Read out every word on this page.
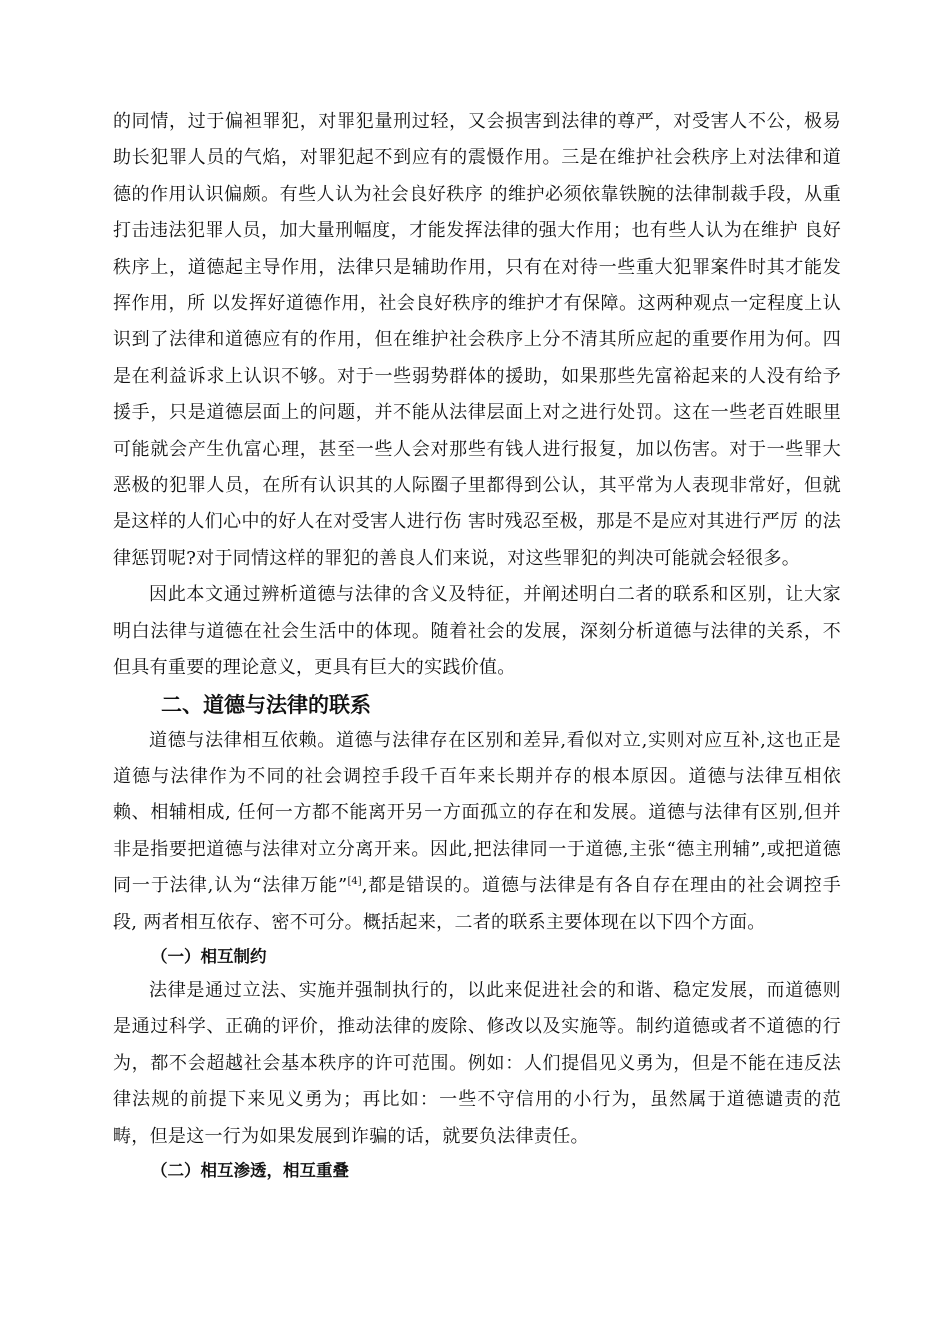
的同情，过于偏袒罪犯，对罪犯量刑过轻，又会损害到法律的尊严，对受害人不公，极易助长犯罪人员的气焰，对罪犯起不到应有的震慑作用。三是在维护社会秩序上对法律和道德的作用认识偏颇。有些人认为社会良好秩序 的维护必须依靠铁腕的法律制裁手段，从重打击违法犯罪人员，加大量刑幅度，才能发挥法律的强大作用；也有些人认为在维护 良好秩序上，道德起主导作用，法律只是辅助作用，只有在对待一些重大犯罪案件时其才能发挥作用，所 以发挥好道德作用，社会良好秩序的维护才有保障。这两种观点一定程度上认识到了法律和道德应有的作用，但在维护社会秩序上分不清其所应起的重要作用为何。四是在利益诉求上认识不够。对于一些弱势群体的援助，如果那些先富裕起来的人没有给予援手，只是道德层面上的问题，并不能从法律层面上对之进行处罚。这在一些老百姓眼里可能就会产生仇富心理，甚至一些人会对那些有钱人进行报复，加以伤害。对于一些罪大恶极的犯罪人员，在所有认识其的人际圈子里都得到公认，其平常为人表现非常好，但就是这样的人们心中的好人在对受害人进行伤 害时残忍至极，那是不是应对其进行严厉 的法律惩罚呢?对于同情这样的罪犯的善良人们来说，对这些罪犯的判决可能就会轻很多。

因此本文通过辨析道德与法律的含义及特征，并阐述明白二者的联系和区别，让大家明白法律与道德在社会生活中的体现。随着社会的发展，深刻分析道德与法律的关系，不但具有重要的理论意义，更具有巨大的实践价值。

二、道德与法律的联系

道德与法律相互依赖。道德与法律存在区别和差异,看似对立,实则对应互补,这也正是道德与法律作为不同的社会调控手段千百年来长期并存的根本原因。道德与法律互相依赖、相辅相成, 任何一方都不能离开另一方面孤立的存在和发展。道德与法律有区别,但并非是指要把道德与法律对立分离开来。因此,把法律同一于道德,主张“德主刑辅”,或把道德同一于法律,认为“法律万能”[4],都是错误的。道德与法律是有各自存在理由的社会调控手段, 两者相互依存、密不可分。概括起来，二者的联系主要体现在以下四个方面。

（一）相互制约

法律是通过立法、实施并强制执行的，以此来促进社会的和谐、稳定发展，而道德则是通过科学、正确的评价，推动法律的废除、修改以及实施等。制约道德或者不道德的行为，都不会超越社会基本秩序的许可范围。例如：人们提倡见义勇为，但是不能在违反法律法规的前提下来见义勇为；再比如：一些不守信用的小行为，虽然属于道德谴责的范畴，但是这一行为如果发展到诈骗的话，就要负法律责任。

（二）相互渗透，相互重叠
